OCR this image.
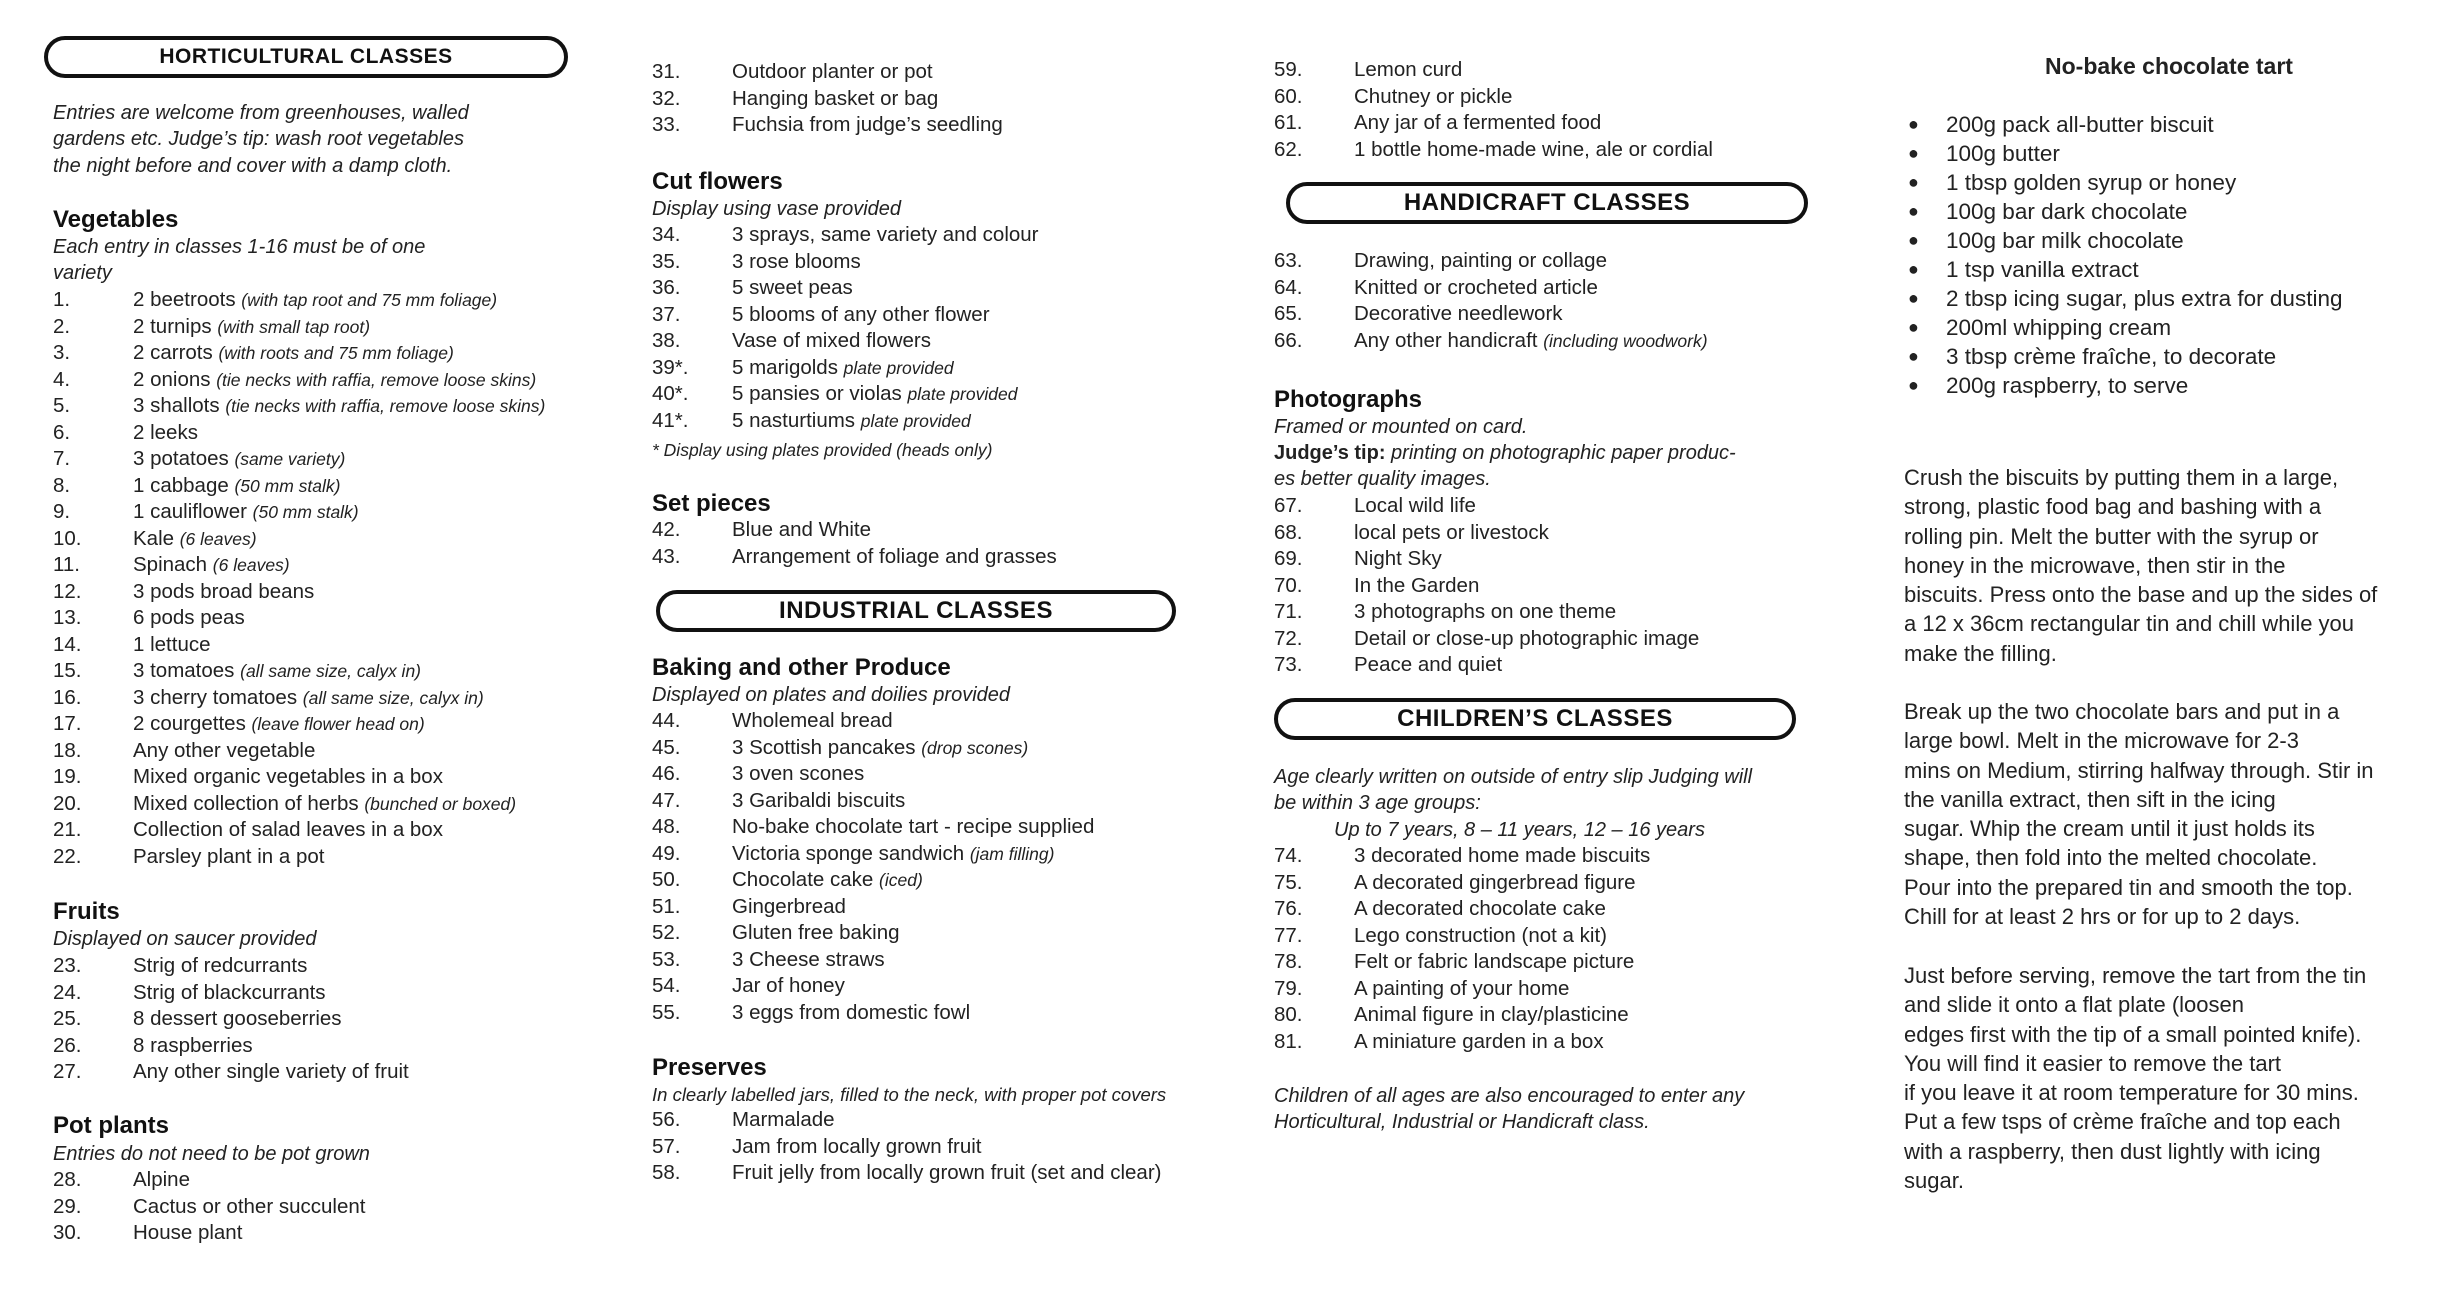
HORTICULTURAL CLASSES

Entries are welcome from greenhouses, walled
gardens etc. Judge’s tip: wash root vegetables
the night before and cover with a damp cloth.

Vegetables

Each entry in classes 1-16 must be of one
variety

1.	2 beetroots (with tap root and 75 mm foliage)
2.	2 turnips (with small tap root)
3.	2 carrots (with roots and 75 mm foliage)
4.	2 onions (tie necks with raffia, remove loose skins)
5.	3 shallots (tie necks with raffia, remove loose skins)
6.	2 leeks
7.	3 potatoes (same variety)
8.	1 cabbage (50 mm stalk)
9.	1 cauliflower (50 mm stalk)
10.	Kale (6 leaves)
11.	Spinach (6 leaves)
12.	3 pods broad beans
13.	6 pods peas
14.	1 lettuce
15.	3 tomatoes (all same size, calyx in)
16.	3 cherry tomatoes (all same size, calyx in)
17.	2 courgettes (leave flower head on)
18.	Any other vegetable
19.	Mixed organic vegetables in a box
20.	Mixed collection of herbs (bunched or boxed)
21.	Collection of salad leaves in a box
22.	Parsley plant in a pot
Fruits

Displayed on saucer provided

23.	Strig of redcurrants
24.	Strig of blackcurrants
25.	8 dessert gooseberries
26.	8 raspberries
27.	Any other single variety of fruit
Pot plants

Entries do not need to be pot grown

28.	Alpine
29.	Cactus or other succulent
30.	House plant
31.	Outdoor planter or pot
32.	Hanging basket or bag
33.	Fuchsia from judge’s seedling
Cut flowers

Display using vase provided

34.	3 sprays, same variety and colour
35.	3 rose blooms
36.	5 sweet peas
37.	5 blooms of any other flower
38.	Vase of mixed flowers
39*. 5 marigolds plate provided
40*. 5 pansies or violas plate provided
41*. 5 nasturtiums plate provided

* Display using plates provided (heads only)

Set pieces
42.	Blue and White
43.	Arrangement of foliage and grasses
INDUSTRIAL CLASSES
Baking and other Produce

Displayed on plates and doilies provided

44.	Wholemeal bread
45.	3 Scottish pancakes (drop scones)
46.	3 oven scones
47.	3 Garibaldi biscuits
48.	No-bake chocolate tart - recipe supplied
49.	Victoria sponge sandwich (jam filling)
50.	Chocolate cake (iced)
51.	Gingerbread
52.	Gluten free baking
53.	3 Cheese straws
54.	Jar of honey
55.	3 eggs from domestic fowl
Preserves

In clearly labelled jars, filled to the neck, with proper pot covers

56.	Marmalade
57.	Jam from locally grown fruit
58.	Fruit jelly from locally grown fruit (set and clear)
59.	Lemon curd
60.	Chutney or pickle
61.	Any jar of a fermented food
62.	1 bottle home-made wine, ale or cordial
HANDICRAFT CLASSES
63.	Drawing, painting or collage
64.	Knitted or crocheted article
65.	Decorative needlework
66.	Any other handicraft (including woodwork)
Photographs

Framed or mounted on card.

Judge’s tip: printing on photographic paper produc-
es better quality images.

67.	Local wild life
68.	local pets or livestock
69.	Night Sky
70.	In the Garden
71.	3 photographs on one theme
72.	Detail or close-up photographic image
73.	Peace and quiet
CHILDREN’S CLASSES

Age clearly written on outside of entry slip Judging will
be within 3 age groups:

Up to 7 years, 8 – 11 years, 12 – 16 years

74.	3 decorated home made biscuits
75.	A decorated gingerbread figure
76.	A decorated chocolate cake
77.	Lego construction (not a kit)
78.	Felt or fabric landscape picture
79.	A painting of your home
80.	Animal figure in clay/plasticine
81.	A miniature garden in a box

Children of all ages are also encouraged to enter any
Horticultural, Industrial or Handicraft class.

No-bake chocolate tart
● 200g pack all-butter biscuit
● 100g butter
● 1 tbsp golden syrup or honey
● 100g bar dark chocolate
● 100g bar milk chocolate
● 1 tsp vanilla extract
● 2 tbsp icing sugar, plus extra for dusting
● 200ml whipping cream
● 3 tbsp crème fraîche, to decorate
● 200g raspberry, to serve

Crush the biscuits by putting them in a large,
strong, plastic food bag and bashing with a
rolling pin. Melt the butter with the syrup or
honey in the microwave, then stir in the
biscuits. Press onto the base and up the sides of
a 12 x 36cm rectangular tin and chill while you
make the filling.

Break up the two chocolate bars and put in a
large bowl. Melt in the microwave for 2-3
mins on Medium, stirring halfway through. Stir in
the vanilla extract, then sift in the icing
sugar. Whip the cream until it just holds its
shape, then fold into the melted chocolate.
Pour into the prepared tin and smooth the top.
Chill for at least 2 hrs or for up to 2 days.

Just before serving, remove the tart from the tin
and slide it onto a flat plate (loosen
edges first with the tip of a small pointed knife).
You will find it easier to remove the tart
if you leave it at room temperature for 30 mins.
Put a few tsps of crème fraîche and top each
with a raspberry, then dust lightly with icing
sugar.
